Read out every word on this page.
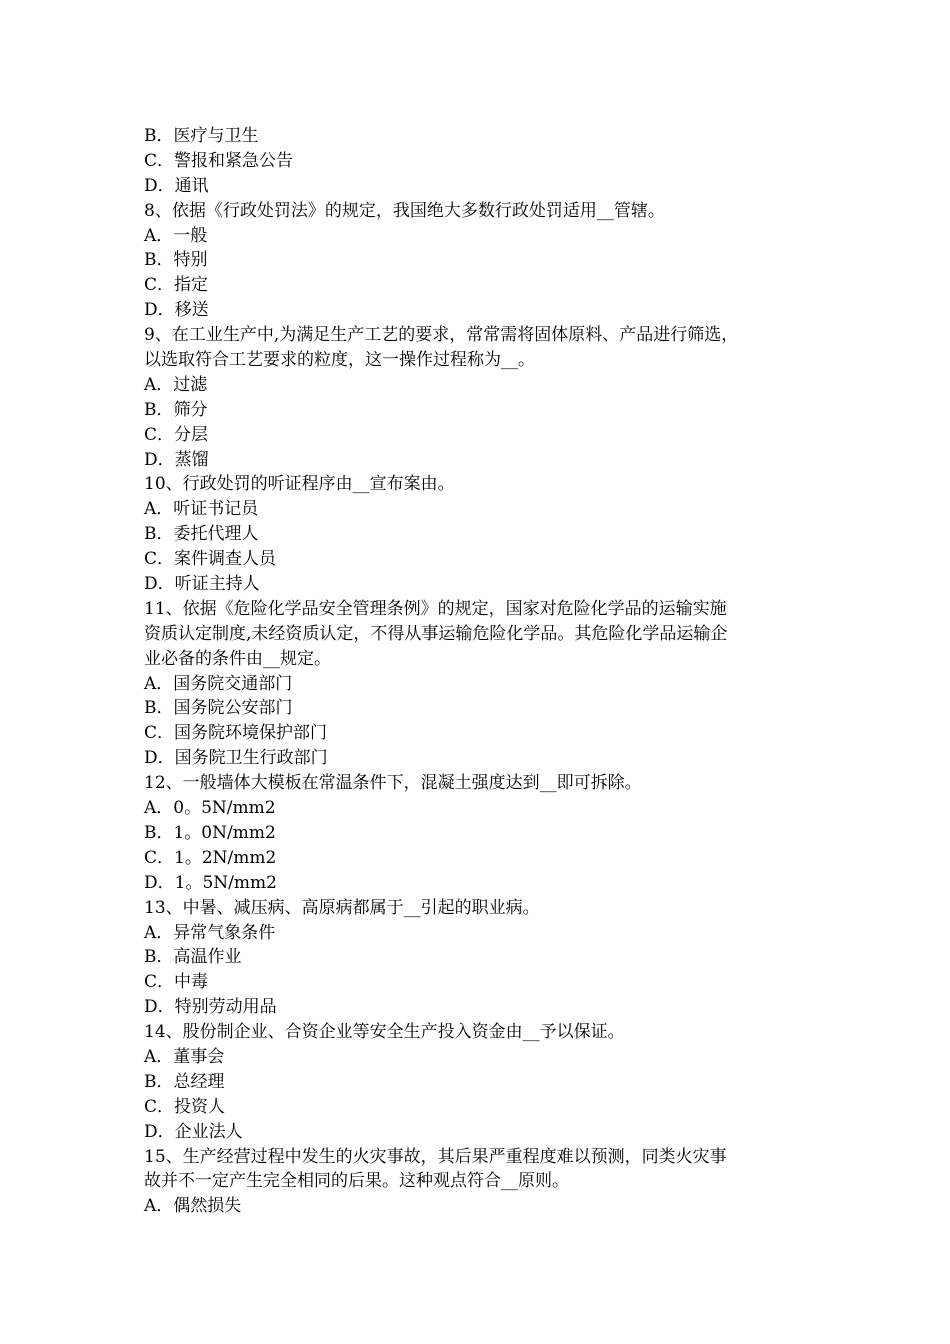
B．医疗与卫生
C．警报和紧急公告
D．通讯
8、依据《行政处罚法》的规定，我国绝大多数行政处罚适用__管辖。
A．一般
B．特别
C．指定
D．移送
9、在工业生产中,为满足生产工艺的要求，常常需将固体原料、产品进行筛选，
以选取符合工艺要求的粒度，这一操作过程称为__。
A．过滤
B．筛分
C．分层
D．蒸馏
10、行政处罚的听证程序由__宣布案由。
A．听证书记员
B．委托代理人
C．案件调查人员
D．听证主持人
11、依据《危险化学品安全管理条例》的规定，国家对危险化学品的运输实施
资质认定制度,未经资质认定，不得从事运输危险化学品。其危险化学品运输企
业必备的条件由__规定。
A．国务院交通部门
B．国务院公安部门
C．国务院环境保护部门
D．国务院卫生行政部门
12、一般墙体大模板在常温条件下，混凝土强度达到__即可拆除。
A．0。5N/mm2
B．1。0N/mm2
C．1。2N/mm2
D．1。5N/mm2
13、中暑、减压病、高原病都属于__引起的职业病。
A．异常气象条件
B．高温作业
C．中毒
D．特别劳动用品
14、股份制企业、合资企业等安全生产投入资金由__予以保证。
A．董事会
B．总经理
C．投资人
D．企业法人
15、生产经营过程中发生的火灾事故，其后果严重程度难以预测，同类火灾事
故并不一定产生完全相同的后果。这种观点符合__原则。
A．偶然损失
